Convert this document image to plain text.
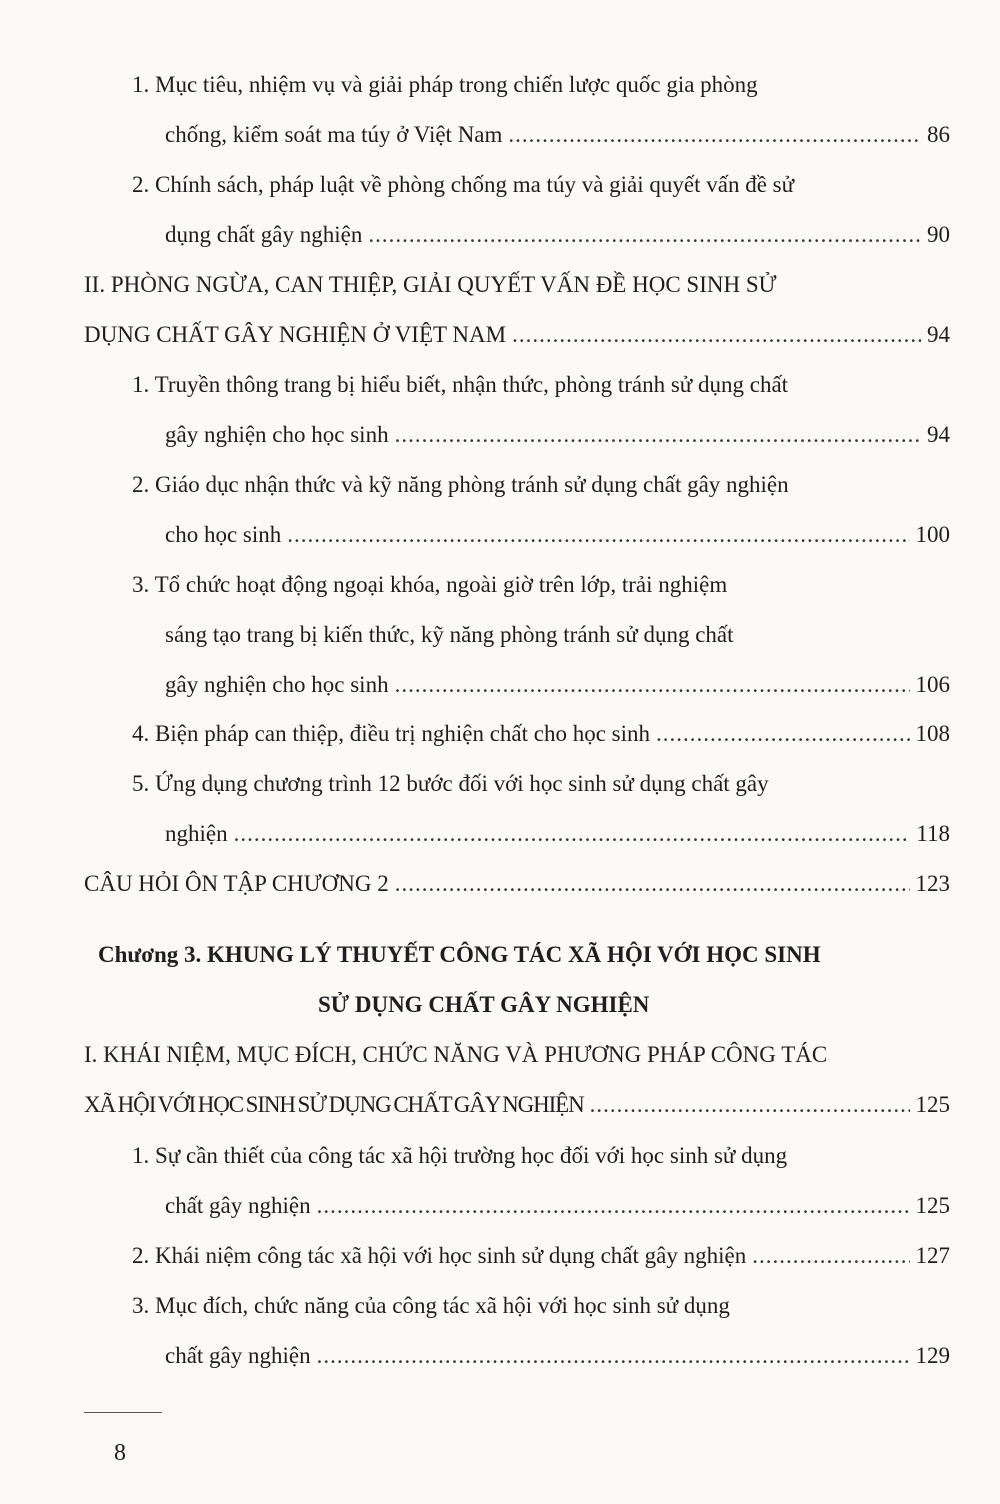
1. Mục tiêu, nhiệm vụ và giải pháp trong chiến lược quốc gia phòng
chống, kiểm soát ma túy ở Việt Nam .....	86
2. Chính sách, pháp luật về phòng chống ma túy và giải quyết vấn đề sử
dụng chất gây nghiện .....	90
II. PHÒNG NGỪA, CAN THIỆP, GIẢI QUYẾT VẤN ĐỀ HỌC SINH SỬ
DỤNG CHẤT GÂY NGHIỆN Ở VIỆT NAM .....	94
1. Truyền thông trang bị hiểu biết, nhận thức, phòng tránh sử dụng chất
gây nghiện cho học sinh .....	94
2. Giáo dục nhận thức và kỹ năng phòng tránh sử dụng chất gây nghiện
cho học sinh .....	100
3. Tổ chức hoạt động ngoại khóa, ngoài giờ trên lớp, trải nghiệm
sáng tạo trang bị kiến thức, kỹ năng phòng tránh sử dụng chất
gây nghiện cho học sinh .....	106
4. Biện pháp can thiệp, điều trị nghiện chất cho học sinh .....	108
5. Ứng dụng chương trình 12 bước đối với học sinh sử dụng chất gây
nghiện .....	118
CÂU HỎI ÔN TẬP CHƯƠNG 2 .....	123
Chương 3. KHUNG LÝ THUYẾT CÔNG TÁC XÃ HỘI VỚI HỌC SINH
SỬ DỤNG CHẤT GÂY NGHIỆN
I. KHÁI NIỆM, MỤC ĐÍCH, CHỨC NĂNG VÀ PHƯƠNG PHÁP CÔNG TÁC
XÃ HỘI VỚI HỌC SINH SỬ DỤNG CHẤT GÂY NGHIỆN .....	125
1. Sự cần thiết của công tác xã hội trường học đối với học sinh sử dụng
chất gây nghiện .....	125
2. Khái niệm công tác xã hội với học sinh sử dụng chất gây nghiện .....	127
3. Mục đích, chức năng của công tác xã hội với học sinh sử dụng
chất gây nghiện .....	129
8
